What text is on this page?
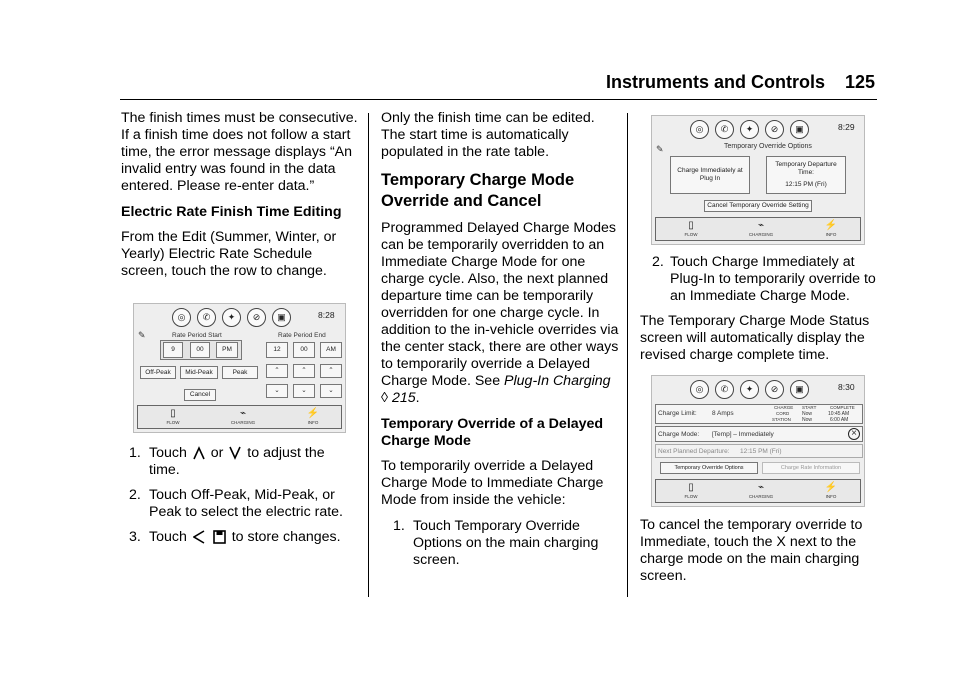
Instruments and Controls 125

The finish times must be consecutive. If a finish time does not follow a start time, the error message displays “An invalid entry was found in the data entered. Please re-enter data.”

Electric Rate Finish Time Editing

From the Edit (Summer, Winter, or Yearly) Electric Rate Schedule screen, touch the row to change.

✎
◎	✆	✦	⊘	▣	8:28
Rate Period Start	Rate Period End
9	00	PM	12	00	AM
Off-Peak	Mid-Peak	Peak
Cancel
⌃	⌃	⌃
⌄	⌄	⌄
▯
FLOW
⌁
CHARGING
⚡
INFO
1. Touch or to adjust the time.
2. Touch Off-Peak, Mid-Peak, or Peak to select the electric rate.
3. Touch	to store changes.

Only the finish time can be edited. The start time is automatically populated in the rate table.

Temporary Charge Mode Override and Cancel

Programmed Delayed Charge Modes can be temporarily overridden to an Immediate Charge Mode for one charge cycle. Also, the next planned departure time can be temporarily overridden for one charge cycle. In addition to the in-vehicle overrides via the center stack, there are other ways to temporarily override a Delayed Charge Mode. See Plug-In Charging ◊ 215.

Temporary Override of a Delayed Charge Mode

To temporarily override a Delayed Charge Mode to Immediate Charge Mode from inside the vehicle:

1. Touch Temporary Override Options on the main charging screen.
✎
◎	✆	✦	⊘	▣	8:29
Temporary Override Options
Charge Immediately at
Plug In
Temporary Departure
Time:
12:15 PM (Fri)
Cancel Temporary Override Setting
▯
FLOW
⌁
CHARGING
⚡
INFO
2. Touch Charge Immediately at Plug-In to temporarily override to an Immediate Charge Mode.

The Temporary Charge Mode Status screen will automatically display the revised charge complete time.

◎	✆	✦	⊘	▣	8:30
Charge Limit: 8 Amps
CHARGE START	COMPLETE
CORD	Now	10:45 AM
STATION Now	6:00 AM
Charge Mode: [Temp] – Immediately	×
Next Planned Departure: 12:15 PM (Fri)
Temporary Override Options	Charge Rate Information
▯
FLOW
⌁
CHARGING
⚡
INFO

To cancel the temporary override to Immediate, touch the X next to the charge mode on the main charging screen.
